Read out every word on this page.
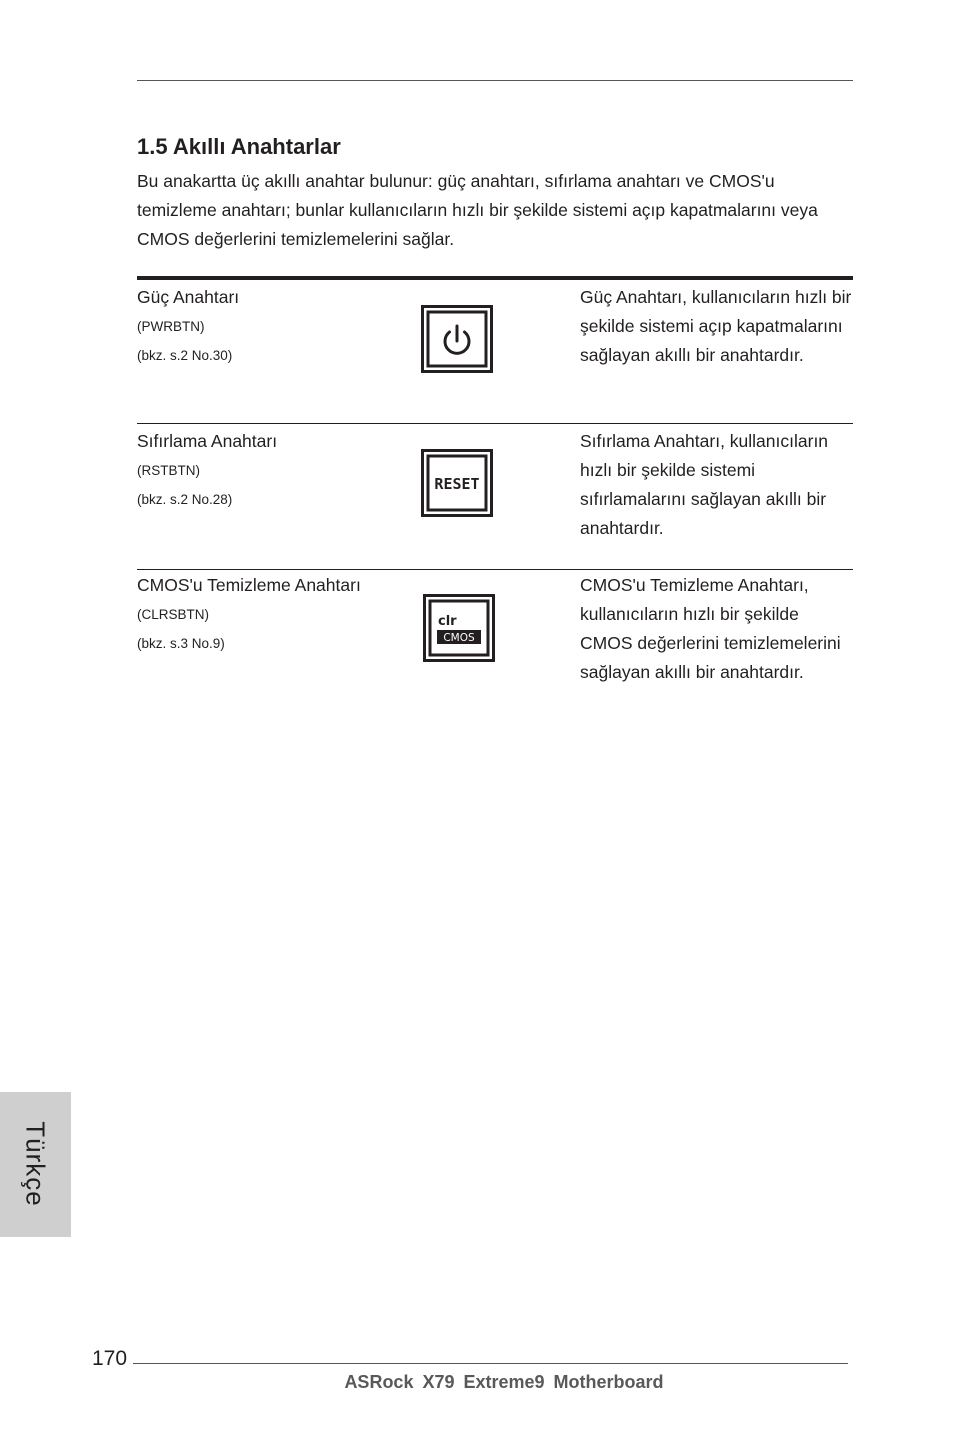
1.5 Akıllı Anahtarlar

Bu anakartta üç akıllı anahtar bulunur: güç anahtarı, sıfırlama anahtarı ve CMOS'u temizleme anahtarı; bunlar kullanıcıların hızlı bir şekilde sistemi açıp kapatmalarını veya CMOS değerlerini temizlemelerini sağlar.

Güç Anahtarı
(PWRBTN)
(bkz. s.2 No.30)
Güç Anahtarı, kullanıcıların hızlı bir şekilde sistemi açıp kapatmalarını sağlayan akıllı bir anahtardır.
Sıfırlama Anahtarı
(RSTBTN)
(bkz. s.2 No.28)
Sıfırlama Anahtarı, kullanıcıların hızlı bir şekilde sistemi sıfırlamalarını sağlayan akıllı bir anahtardır.
RESET
CMOS'u Temizleme Anahtarı
(CLRSBTN)
(bkz. s.3 No.9)
CMOS'u Temizleme Anahtarı, kullanıcıların hızlı bir şekilde CMOS değerlerini temizlemelerini sağlayan akıllı bir anahtardır.
clr
CMOS
Türkçe
170
ASRock X79 Extreme9 Motherboard
